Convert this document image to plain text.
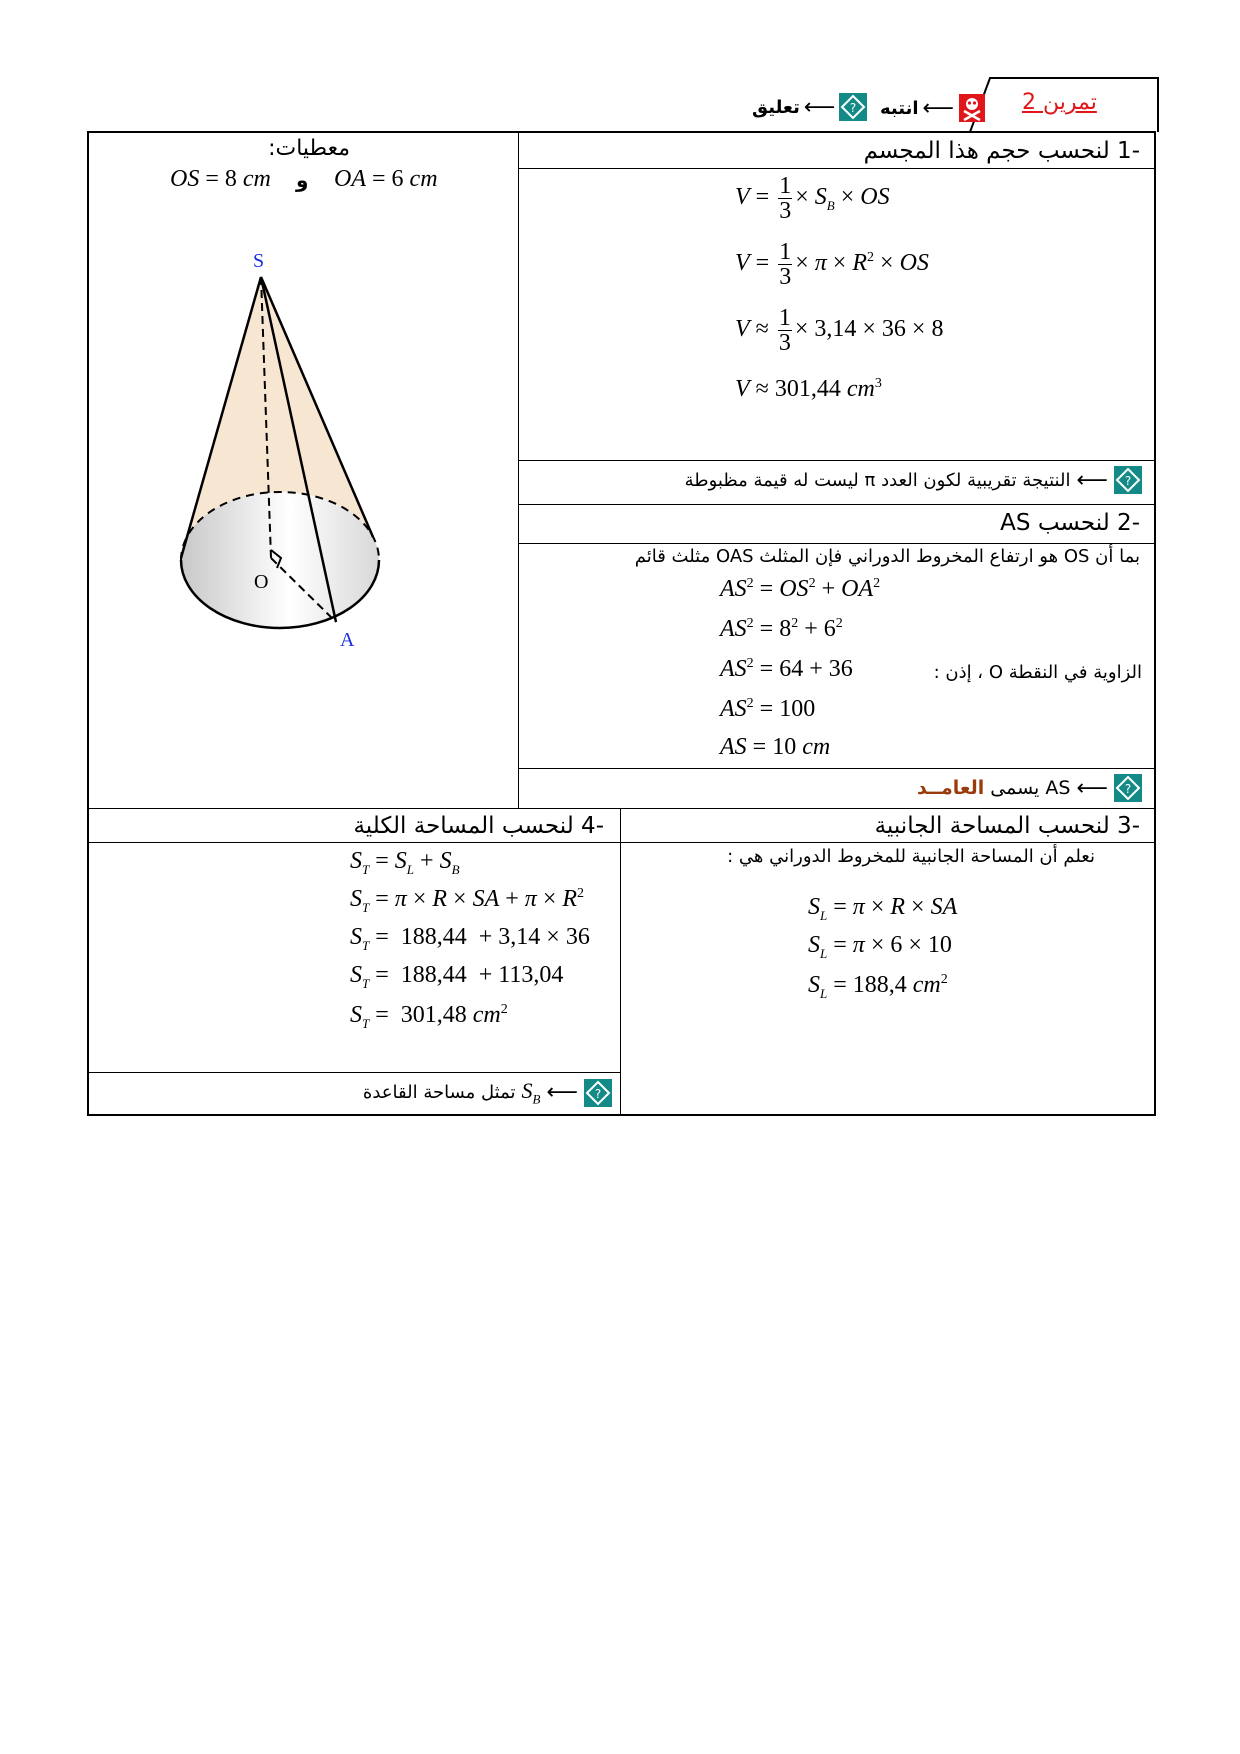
تمرين 2
انتبه ⟵
تعليق ⟵ ?
معطيات:
OS = 8 cm و OA = 6 cm
S
O
A
-1 لنحسب حجم هذا المجسم
$V = \frac{1}{3} \times S_B$ × OS
$V = \frac{1}{3} \times \pi \times R^2$ × OS
$V \approx \frac{1}{3} \times 3,14 \times 36 \times 8$
V ≈ 301,44 $cm^3$
?
⟵
النتيجة تقريبية لكون العدد π ليست له قيمة مظبوطة
-2 لنحسب AS
بما أن OS هو ارتفاع المخروط الدوراني فإن المثلث OAS مثلث قائم
$AS^2 = OS^2 + OA^2$
$AS^2 = 8^2 + 6^2$
$AS^2 = 64 + 36$	الزاوية في النقطة O ، إذن :
$AS^2 = 100$
AS = 10 cm
?
⟵
AS يسمى العامــد
-3 لنحسب المساحة الجانبية
نعلم أن المساحة الجانبية للمخروط الدوراني هي :
$S_L = \pi \times R$ × SA
$S_L = \pi \times 6 \times 10$
$S_L = 188,4$ $cm^2$
-4 لنحسب المساحة الكلية
$S_T = S_L + S_B$
$S_T = \pi \times R$ × SA + $\pi \times R^2$
$S_T = 188,44 + 3,14 \times 36$
$S_T = 188,44 + 113,04$
$S_T = 301,48$ $cm^2$
?
⟵
$S_B$
تمثل مساحة القاعدة
